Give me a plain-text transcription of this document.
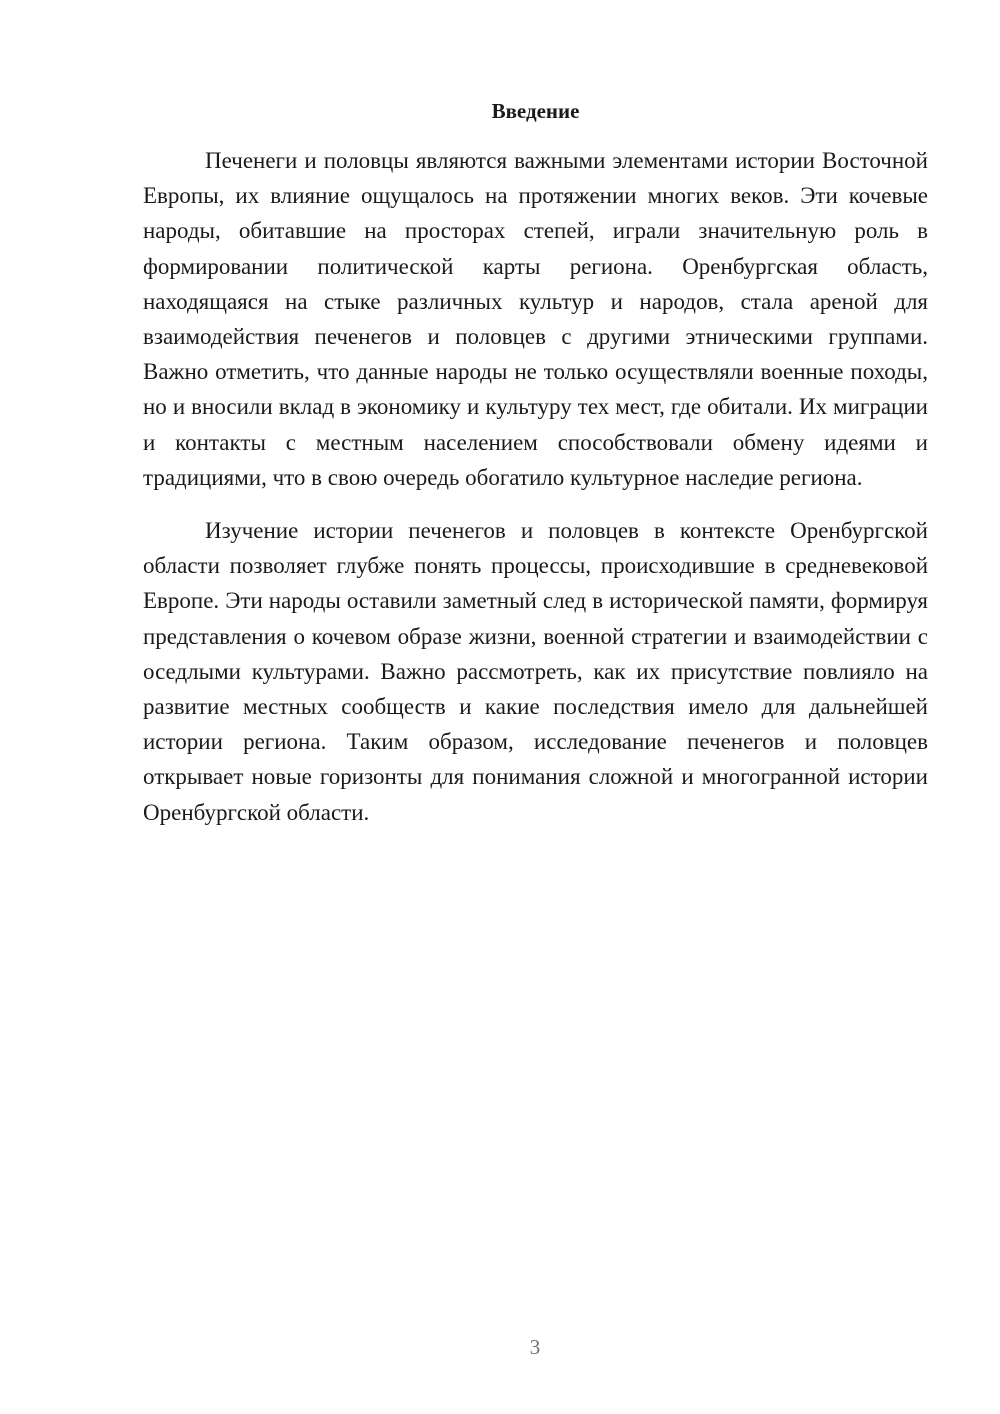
Введение

Печенеги и половцы являются важными элементами истории Восточной Европы, их влияние ощущалось на протяжении многих веков. Эти кочевые народы, обитавшие на просторах степей, играли значительную роль в формировании политической карты региона. Оренбургская область, находящаяся на стыке различных культур и народов, стала ареной для взаимодействия печенегов и половцев с другими этническими группами. Важно отметить, что данные народы не только осуществляли военные походы, но и вносили вклад в экономику и культуру тех мест, где обитали. Их миграции и контакты с местным населением способствовали обмену идеями и традициями, что в свою очередь обогатило культурное наследие региона.

Изучение истории печенегов и половцев в контексте Оренбургской области позволяет глубже понять процессы, происходившие в средневековой Европе. Эти народы оставили заметный след в исторической памяти, формируя представления о кочевом образе жизни, военной стратегии и взаимодействии с оседлыми культурами. Важно рассмотреть, как их присутствие повлияло на развитие местных сообществ и какие последствия имело для дальнейшей истории региона. Таким образом, исследование печенегов и половцев открывает новые горизонты для понимания сложной и многогранной истории Оренбургской области.

3
